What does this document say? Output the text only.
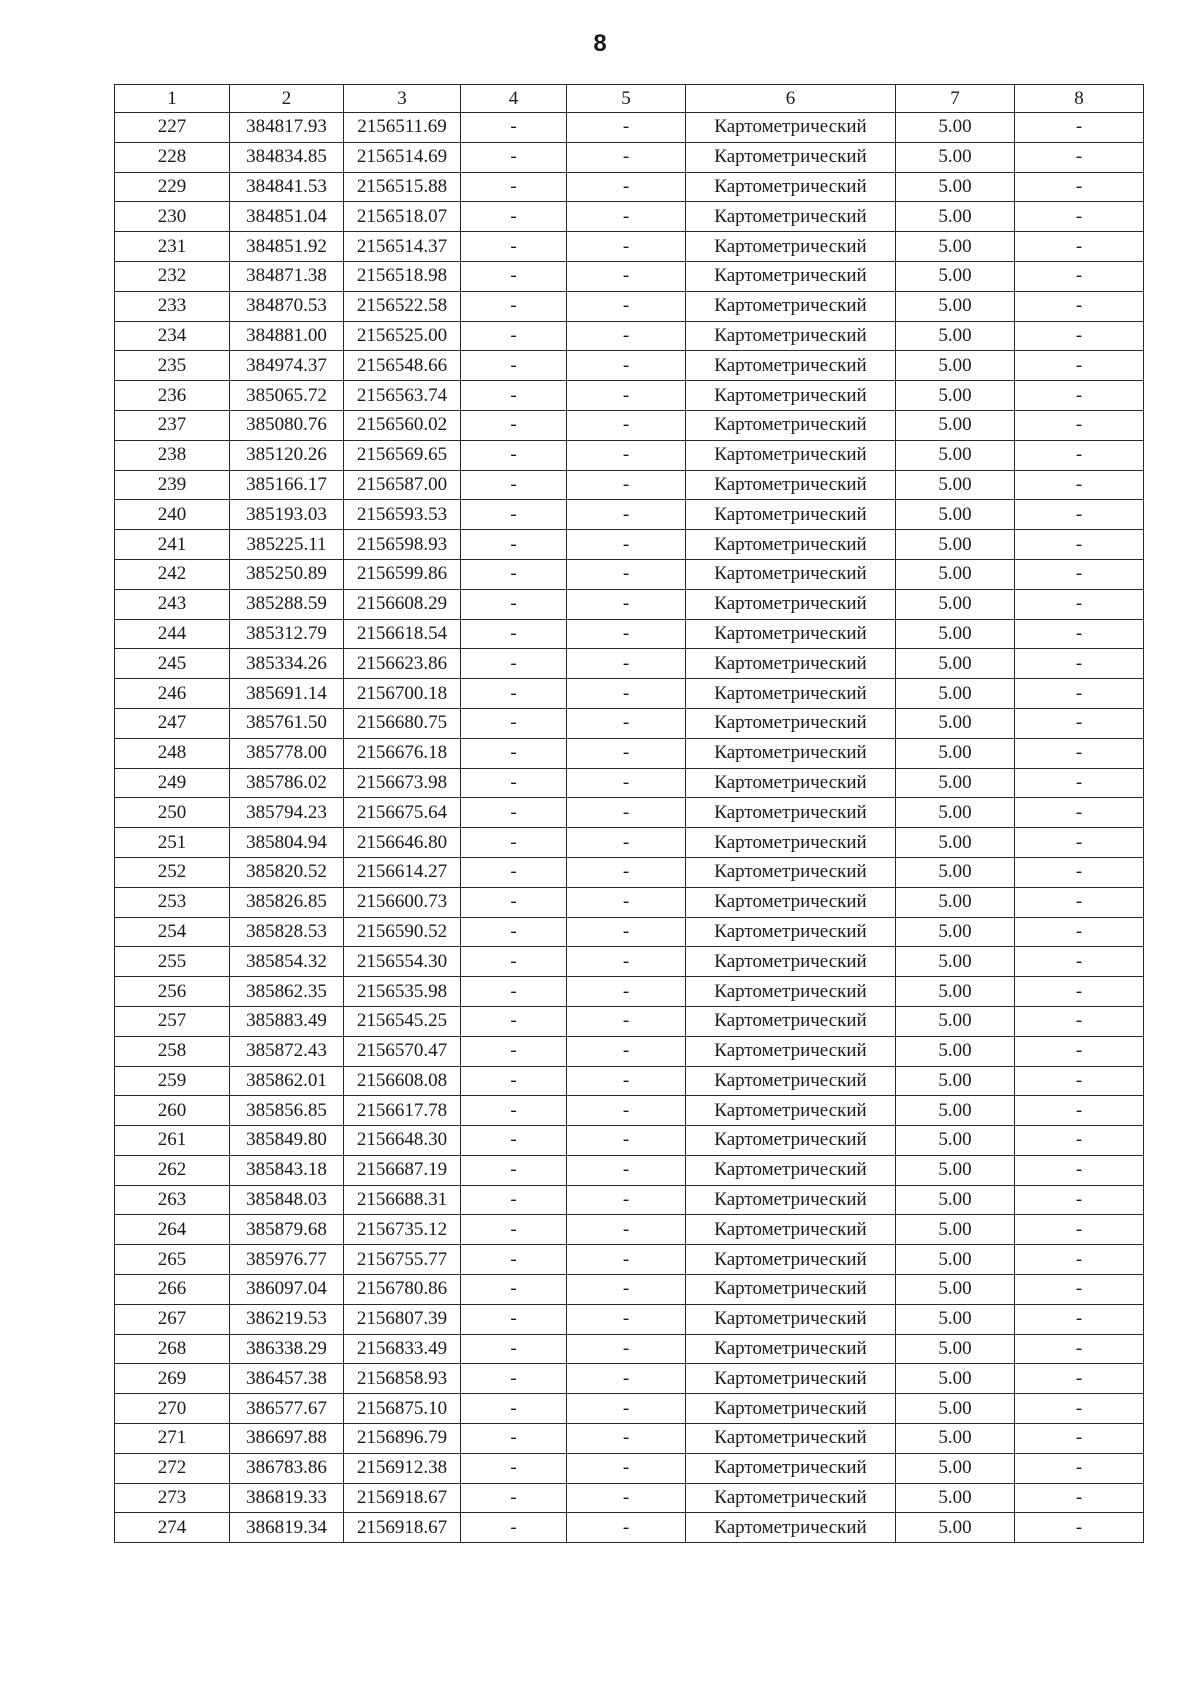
8
1	2	3	4	5	6	7	8
227	384817.93	2156511.69	-	-	Картометрический	5.00	-
228	384834.85	2156514.69	-	-	Картометрический	5.00	-
229	384841.53	2156515.88	-	-	Картометрический	5.00	-
230	384851.04	2156518.07	-	-	Картометрический	5.00	-
231	384851.92	2156514.37	-	-	Картометрический	5.00	-
232	384871.38	2156518.98	-	-	Картометрический	5.00	-
233	384870.53	2156522.58	-	-	Картометрический	5.00	-
234	384881.00	2156525.00	-	-	Картометрический	5.00	-
235	384974.37	2156548.66	-	-	Картометрический	5.00	-
236	385065.72	2156563.74	-	-	Картометрический	5.00	-
237	385080.76	2156560.02	-	-	Картометрический	5.00	-
238	385120.26	2156569.65	-	-	Картометрический	5.00	-
239	385166.17	2156587.00	-	-	Картометрический	5.00	-
240	385193.03	2156593.53	-	-	Картометрический	5.00	-
241	385225.11	2156598.93	-	-	Картометрический	5.00	-
242	385250.89	2156599.86	-	-	Картометрический	5.00	-
243	385288.59	2156608.29	-	-	Картометрический	5.00	-
244	385312.79	2156618.54	-	-	Картометрический	5.00	-
245	385334.26	2156623.86	-	-	Картометрический	5.00	-
246	385691.14	2156700.18	-	-	Картометрический	5.00	-
247	385761.50	2156680.75	-	-	Картометрический	5.00	-
248	385778.00	2156676.18	-	-	Картометрический	5.00	-
249	385786.02	2156673.98	-	-	Картометрический	5.00	-
250	385794.23	2156675.64	-	-	Картометрический	5.00	-
251	385804.94	2156646.80	-	-	Картометрический	5.00	-
252	385820.52	2156614.27	-	-	Картометрический	5.00	-
253	385826.85	2156600.73	-	-	Картометрический	5.00	-
254	385828.53	2156590.52	-	-	Картометрический	5.00	-
255	385854.32	2156554.30	-	-	Картометрический	5.00	-
256	385862.35	2156535.98	-	-	Картометрический	5.00	-
257	385883.49	2156545.25	-	-	Картометрический	5.00	-
258	385872.43	2156570.47	-	-	Картометрический	5.00	-
259	385862.01	2156608.08	-	-	Картометрический	5.00	-
260	385856.85	2156617.78	-	-	Картометрический	5.00	-
261	385849.80	2156648.30	-	-	Картометрический	5.00	-
262	385843.18	2156687.19	-	-	Картометрический	5.00	-
263	385848.03	2156688.31	-	-	Картометрический	5.00	-
264	385879.68	2156735.12	-	-	Картометрический	5.00	-
265	385976.77	2156755.77	-	-	Картометрический	5.00	-
266	386097.04	2156780.86	-	-	Картометрический	5.00	-
267	386219.53	2156807.39	-	-	Картометрический	5.00	-
268	386338.29	2156833.49	-	-	Картометрический	5.00	-
269	386457.38	2156858.93	-	-	Картометрический	5.00	-
270	386577.67	2156875.10	-	-	Картометрический	5.00	-
271	386697.88	2156896.79	-	-	Картометрический	5.00	-
272	386783.86	2156912.38	-	-	Картометрический	5.00	-
273	386819.33	2156918.67	-	-	Картометрический	5.00	-
274	386819.34	2156918.67	-	-	Картометрический	5.00	-
